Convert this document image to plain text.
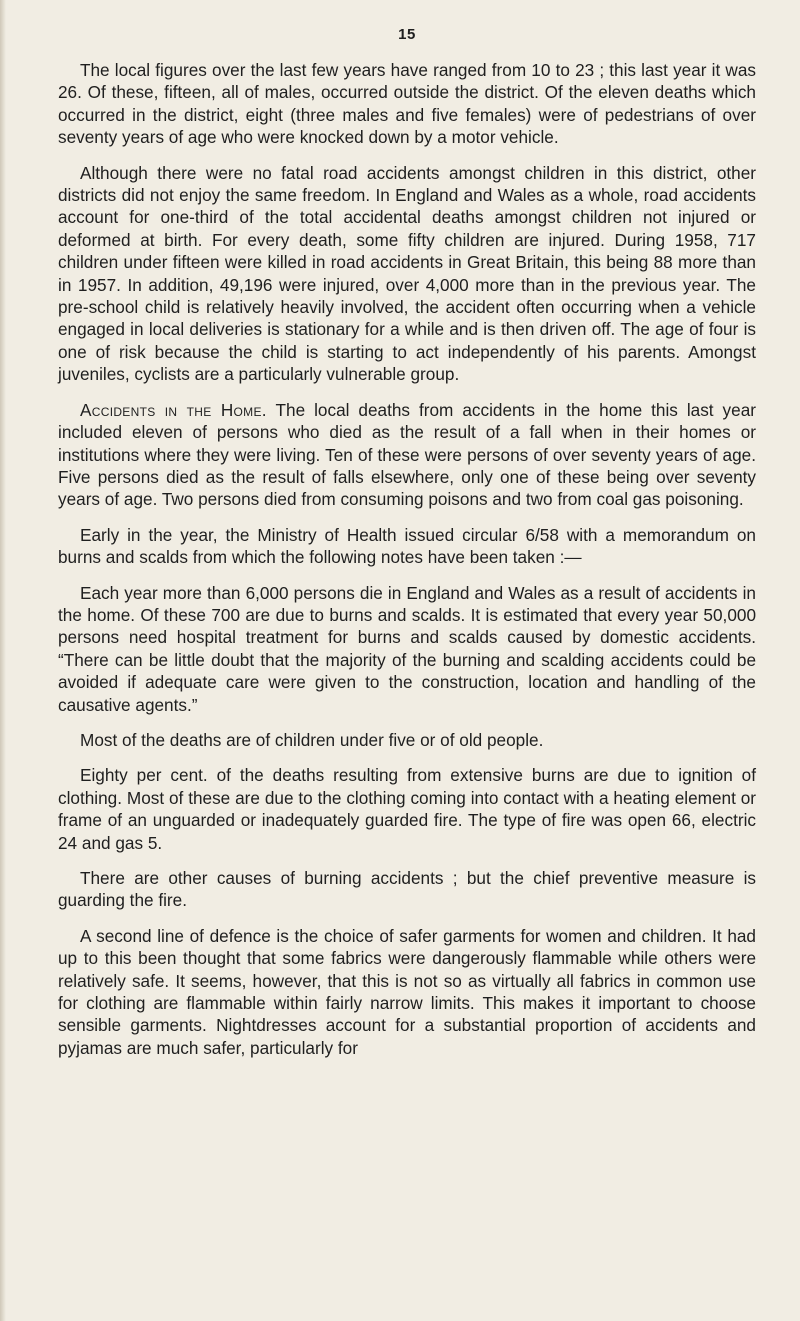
15

The local figures over the last few years have ranged from 10 to 23 ; this last year it was 26. Of these, fifteen, all of males, occurred outside the district. Of the eleven deaths which occurred in the district, eight (three males and five females) were of pedestrians of over seventy years of age who were knocked down by a motor vehicle.

Although there were no fatal road accidents amongst children in this district, other districts did not enjoy the same freedom. In England and Wales as a whole, road accidents account for one-third of the total accidental deaths amongst children not injured or deformed at birth. For every death, some fifty children are injured. During 1958, 717 children under fifteen were killed in road accidents in Great Britain, this being 88 more than in 1957. In addition, 49,196 were injured, over 4,000 more than in the previous year. The pre-school child is relatively heavily involved, the accident often occurring when a vehicle engaged in local deliveries is stationary for a while and is then driven off. The age of four is one of risk because the child is starting to act independently of his parents. Amongst juveniles, cyclists are a particularly vulnerable group.

Accidents in the Home. The local deaths from accidents in the home this last year included eleven of persons who died as the result of a fall when in their homes or institutions where they were living. Ten of these were persons of over seventy years of age. Five persons died as the result of falls elsewhere, only one of these being over seventy years of age. Two persons died from consuming poisons and two from coal gas poisoning.

Early in the year, the Ministry of Health issued circular 6/58 with a memorandum on burns and scalds from which the following notes have been taken :—

Each year more than 6,000 persons die in England and Wales as a result of accidents in the home. Of these 700 are due to burns and scalds. It is estimated that every year 50,000 persons need hospital treatment for burns and scalds caused by domestic accidents. “There can be little doubt that the majority of the burning and scalding accidents could be avoided if adequate care were given to the construction, location and handling of the causative agents.”

Most of the deaths are of children under five or of old people.

Eighty per cent. of the deaths resulting from extensive burns are due to ignition of clothing. Most of these are due to the clothing coming into contact with a heating element or frame of an unguarded or inadequately guarded fire. The type of fire was open 66, electric 24 and gas 5.

There are other causes of burning accidents ; but the chief preventive measure is guarding the fire.

A second line of defence is the choice of safer garments for women and children. It had up to this been thought that some fabrics were dangerously flammable while others were relatively safe. It seems, however, that this is not so as virtually all fabrics in common use for clothing are flammable within fairly narrow limits. This makes it important to choose sensible garments. Nightdresses account for a substantial proportion of accidents and pyjamas are much safer, particularly for
